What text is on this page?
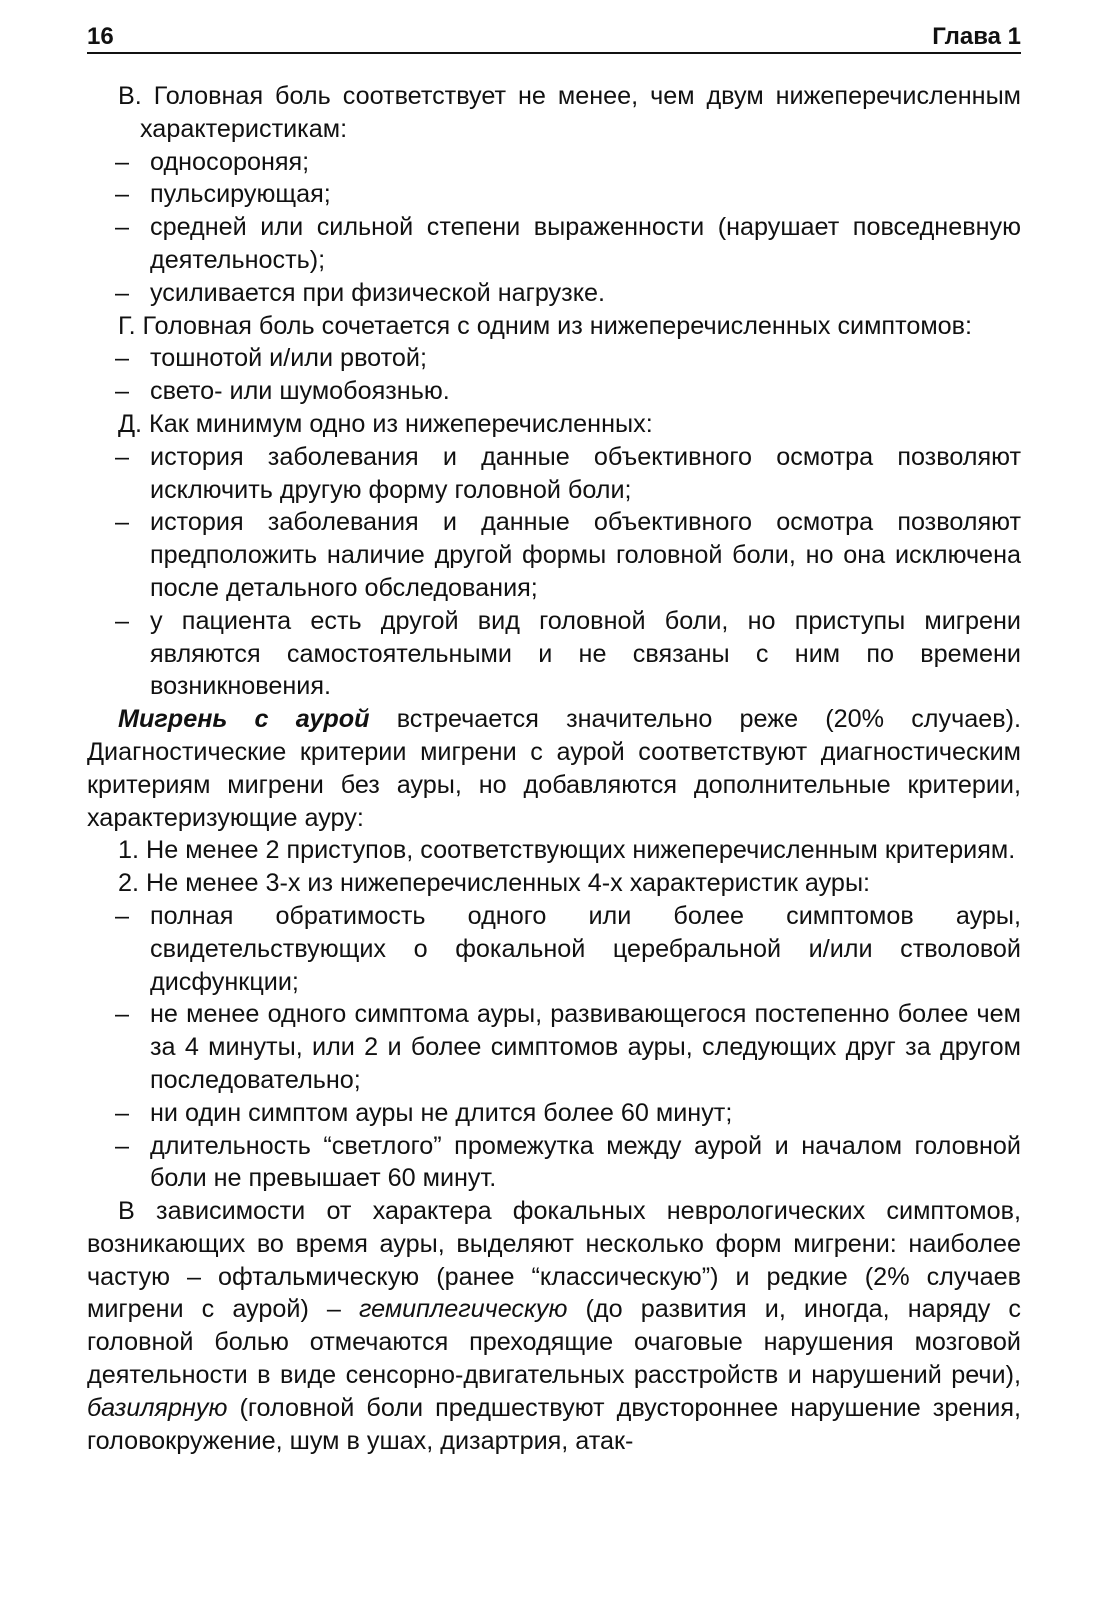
16	Глава 1

В. Головная боль соответствует не менее, чем двум нижеперечисленным характеристикам:

– односороняя;

– пульсирующая;

– средней или сильной степени выраженности (нарушает повседневную деятельность);

– усиливается при физической нагрузке.

Г. Головная боль сочетается с одним из нижеперечисленных симптомов:

– тошнотой и/или рвотой;

– свето- или шумобоязнью.

Д. Как минимум одно из нижеперечисленных:

– история заболевания и данные объективного осмотра позволяют исключить другую форму головной боли;

– история заболевания и данные объективного осмотра позволяют предположить наличие другой формы головной боли, но она исключена после детального обследования;

– у пациента есть другой вид головной боли, но приступы мигрени являются самостоятельными и не связаны с ним по времени возникновения.

Мигрень с аурой встречается значительно реже (20% случаев). Диагностические критерии мигрени с аурой соответствуют диагностическим критериям мигрени без ауры, но добавляются дополнительные критерии, характеризующие ауру:

1. Не менее 2 приступов, соответствующих нижеперечисленным критериям.

2. Не менее 3-х из нижеперечисленных 4-х характеристик ауры:

– полная обратимость одного или более симптомов ауры, свидетельствующих о фокальной церебральной и/или стволовой дисфункции;

– не менее одного симптома ауры, развивающегося постепенно более чем за 4 минуты, или 2 и более симптомов ауры, следующих друг за другом последовательно;

– ни один симптом ауры не длится более 60 минут;

– длительность “светлого” промежутка между аурой и началом головной боли не превышает 60 минут.

В зависимости от характера фокальных неврологических симптомов, возникающих во время ауры, выделяют несколько форм мигрени: наиболее частую – офтальмическую (ранее “классическую”) и редкие (2% случаев мигрени с аурой) – гемиплегическую (до развития и, иногда, наряду с головной болью отмечаются преходящие очаговые нарушения мозговой деятельности в виде сенсорно-двигательных расстройств и нарушений речи), базилярную (головной боли предшествуют двустороннее нарушение зрения, головокружение, шум в ушах, дизартрия, атак-
